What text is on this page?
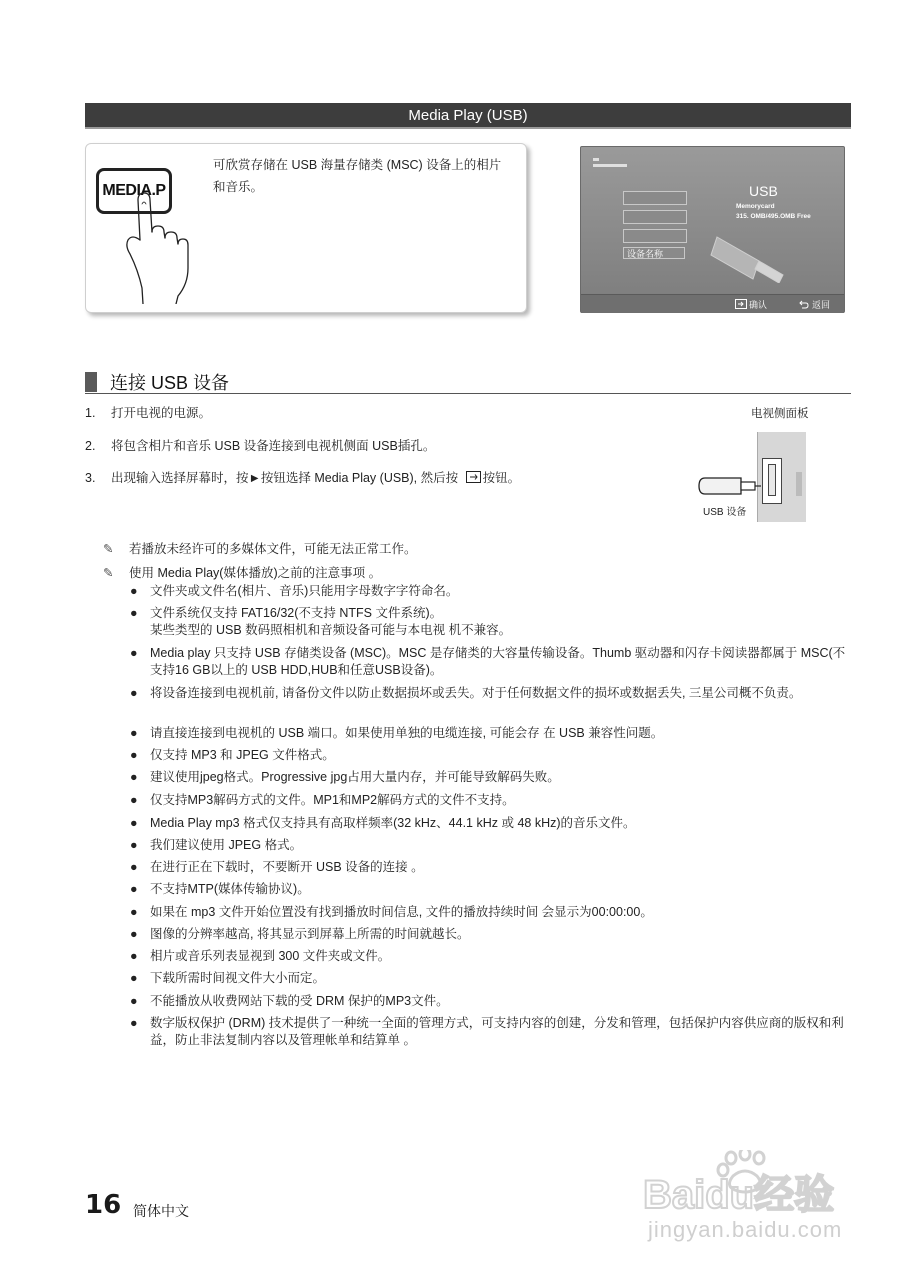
Media Play (USB)
MEDIA.P
可欣赏存储在 USB 海量存储类 (MSC) 设备上的相片
和音乐。
设备名称
USB
Memorycard
315. OMB/495.OMB Free
确认	返回
连接 USB 设备
1. 打开电视的电源。
2. 将包含相片和音乐 USB 设备连接到电视机侧面 USB插孔。
3. 出现输入选择屏幕时，按►按钮选择 Media Play (USB), 然后按 按钮。
电视侧面板
USB 设备
✎ 若播放未经许可的多媒体文件，可能无法正常工作。
✎ 使用 Media Play(媒体播放)之前的注意事项 。
● 文件夹或文件名(相片、音乐)只能用字母数字字符命名。
● 文件系统仅支持 FAT16/32(不支持 NTFS 文件系统)。
某些类型的 USB 数码照相机和音频设备可能与本电视 机不兼容。
● Media play 只支持 USB 存储类设备 (MSC)。MSC 是存储类的大容量传输设备。Thumb 驱动器和闪存卡阅读器都属于 MSC(不支持16 GB以上的 USB HDD,HUB和任意USB设备)。
● 将设备连接到电视机前, 请备份文件以防止数据损坏或丢失。对于任何数据文件的损坏或数据丢失, 三星公司概不负责。
● 请直接连接到电视机的 USB 端口。如果使用单独的电缆连接, 可能会存 在 USB 兼容性问题。
● 仅支持 MP3 和 JPEG 文件格式。
● 建议使用jpeg格式。Progressive jpg占用大量内存，并可能导致解码失败。
● 仅支持MP3解码方式的文件。MP1和MP2解码方式的文件不支持。
● Media Play mp3 格式仅支持具有高取样频率(32 kHz、44.1 kHz 或 48 kHz)的音乐文件。
● 我们建议使用 JPEG 格式。
● 在进行正在下载时，不要断开 USB 设备的连接 。
● 不支持MTP(媒体传输协议)。
● 如果在 mp3 文件开始位置没有找到播放时间信息, 文件的播放持续时间 会显示为00:00:00。
● 图像的分辨率越高, 将其显示到屏幕上所需的时间就越长。
● 相片或音乐列表显视到 300 文件夹或文件。
● 下载所需时间视文件大小而定。
● 不能播放从收费网站下载的受 DRM 保护的MP3文件。
● 数字版权保护 (DRM) 技术提供了一种统一全面的管理方式，可支持内容的创建，分发和管理，包括保护内容供应商的版权和利益，防止非法复制内容以及管理帐单和结算单 。
16 简体中文	Baidu经验
jingyan.baidu.com
